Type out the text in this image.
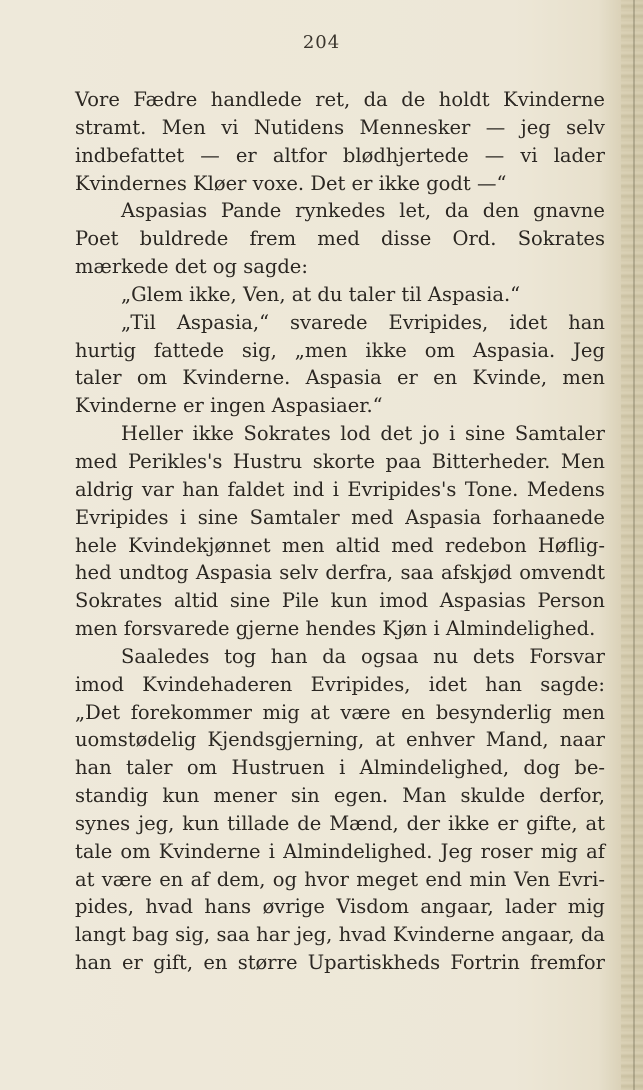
204
Vore Fædre handlede ret, da de holdt Kvinderne
stramt. Men vi Nutidens Mennesker — jeg selv
indbefattet — er altfor blødhjertede — vi lader
Kvindernes Kløer voxe. Det er ikke godt —“
Aspasias Pande rynkedes let, da den gnavne
Poet buldrede frem med disse Ord. Sokrates
mærkede det og sagde:
„Glem ikke, Ven, at du taler til Aspasia.“
„Til Aspasia,“ svarede Evripides, idet han
hurtig fattede sig, „men ikke om Aspasia. Jeg
taler om Kvinderne. Aspasia er en Kvinde, men
Kvinderne er ingen Aspasiaer.“
Heller ikke Sokrates lod det jo i sine Samtaler
med Perikles's Hustru skorte paa Bitterheder. Men
aldrig var han faldet ind i Evripides's Tone. Medens
Evripides i sine Samtaler med Aspasia forhaanede
hele Kvindekjønnet men altid med redebon Høflig-
hed undtog Aspasia selv derfra, saa afskjød omvendt
Sokrates altid sine Pile kun imod Aspasias Person
men forsvarede gjerne hendes Kjøn i Almindelighed.
Saaledes tog han da ogsaa nu dets Forsvar
imod Kvindehaderen Evripides, idet han sagde:
„Det forekommer mig at være en besynderlig men
uomstødelig Kjendsgjerning, at enhver Mand, naar
han taler om Hustruen i Almindelighed, dog be-
standig kun mener sin egen. Man skulde derfor,
synes jeg, kun tillade de Mænd, der ikke er gifte, at
tale om Kvinderne i Almindelighed. Jeg roser mig af
at være en af dem, og hvor meget end min Ven Evri-
pides, hvad hans øvrige Visdom angaar, lader mig
langt bag sig, saa har jeg, hvad Kvinderne angaar, da
han er gift, en større Upartiskheds Fortrin fremfor
